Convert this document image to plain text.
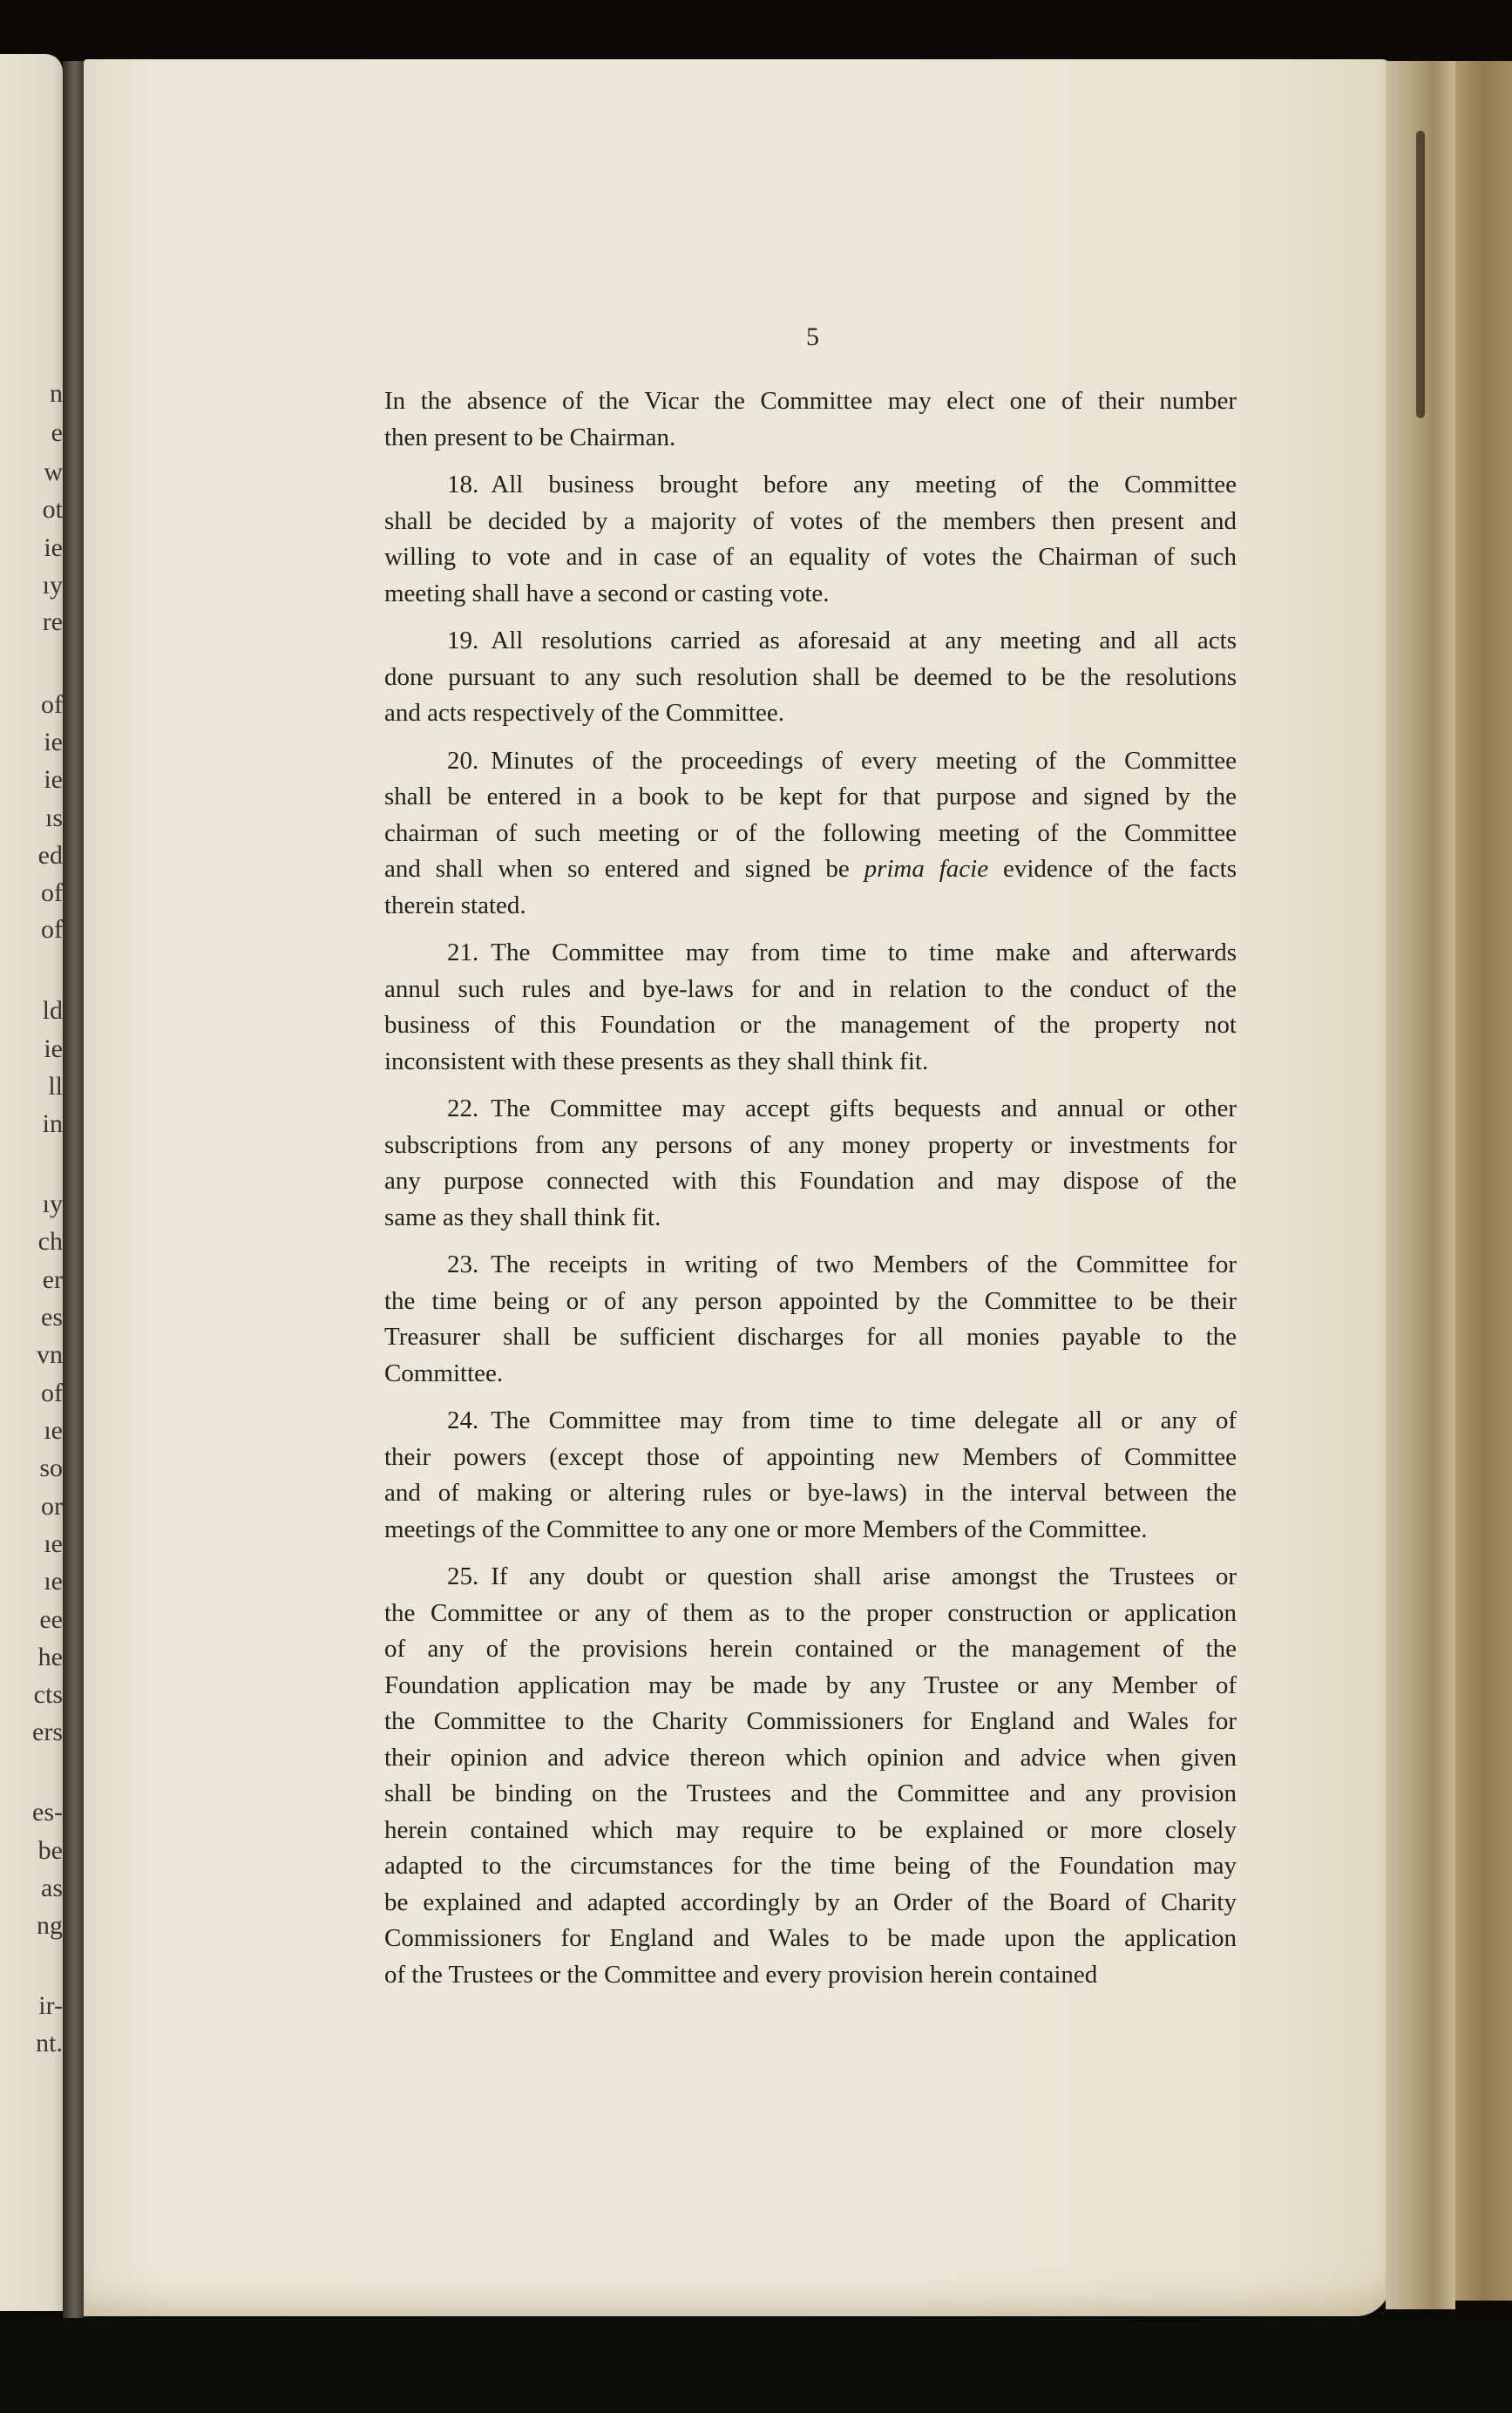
n
e
w
ot
ie
ıy
re
of
ie
ie
ıs
ed
of
of
ld
ie
ll
in
ıy
ch
er
es
vn
of
ıe
so
or
ıe
ıe
ee
he
cts
ers
es-
be
as
ng
ir-
nt.
5

In the absence of the Vicar the Committee may elect one of their number
then present to be Chairman.

18. All business brought before any meeting of the Committee
shall be decided by a majority of votes of the members then present and
willing to vote and in case of an equality of votes the Chairman of such
meeting shall have a second or casting vote.

19. All resolutions carried as aforesaid at any meeting and all acts
done pursuant to any such resolution shall be deemed to be the resolutions
and acts respectively of the Committee.

20. Minutes of the proceedings of every meeting of the Committee
shall be entered in a book to be kept for that purpose and signed by the
chairman of such meeting or of the following meeting of the Committee
and shall when so entered and signed be prima facie evidence of the facts
therein stated.

21. The Committee may from time to time make and afterwards
annul such rules and bye-laws for and in relation to the conduct of the
business of this Foundation or the management of the property not
inconsistent with these presents as they shall think fit.

22. The Committee may accept gifts bequests and annual or other
subscriptions from any persons of any money property or investments for
any purpose connected with this Foundation and may dispose of the
same as they shall think fit.

23. The receipts in writing of two Members of the Committee for
the time being or of any person appointed by the Committee to be their
Treasurer shall be sufficient discharges for all monies payable to the
Committee.

24. The Committee may from time to time delegate all or any of
their powers (except those of appointing new Members of Committee
and of making or altering rules or bye-laws) in the interval between the
meetings of the Committee to any one or more Members of the Committee.

25. If any doubt or question shall arise amongst the Trustees or
the Committee or any of them as to the proper construction or application
of any of the provisions herein contained or the management of the
Foundation application may be made by any Trustee or any Member of
the Committee to the Charity Commissioners for England and Wales for
their opinion and advice thereon which opinion and advice when given
shall be binding on the Trustees and the Committee and any provision
herein contained which may require to be explained or more closely
adapted to the circumstances for the time being of the Foundation may
be explained and adapted accordingly by an Order of the Board of Charity
Commissioners for England and Wales to be made upon the application
of the Trustees or the Committee and every provision herein contained
